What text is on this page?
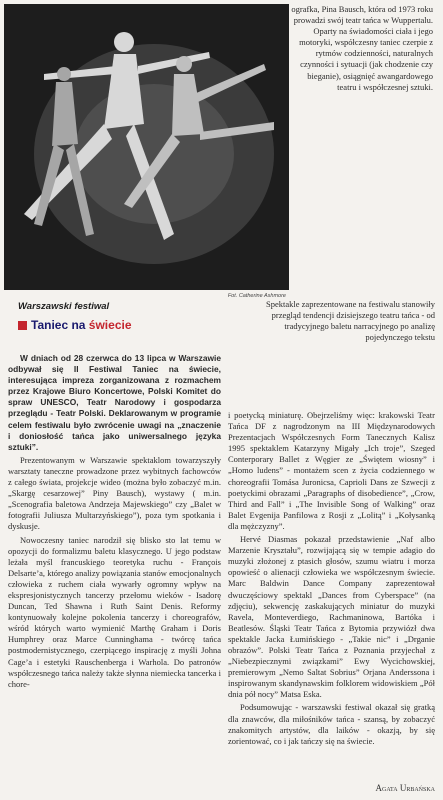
Fot. Catherine Ashmore

ografka, Pina Bausch, która od 1973 roku prowadzi swój teatr tańca w Wuppertalu. Oparty na świadomości ciała i jego motoryki, współczesny taniec czerpie z rytmów codzienności, naturalnych czynności i sytuacji (jak chodzenie czy bieganie), osiągnięć awangardowego teatru i współczesnej sztuki.

Warszawski festiwal
Taniec na świecie

Spektakle zaprezentowane na festiwalu stanowiły przegląd tendencji dzisiejszego teatru tańca - od tradycyjnego baletu narracyjnego po analizę pojedynczego tekstu

W dniach od 28 czerwca do 13 lipca w Warszawie odbywał się II Festiwal Taniec na świecie, interesująca impreza zorganizowana z rozmachem przez Krajowe Biuro Koncertowe, Polski Komitet do spraw UNESCO, Teatr Narodowy i gospodarza przeglądu - Teatr Polski. Deklarowanym w programie celem festiwalu było zwrócenie uwagi na „znaczenie i doniosłość tańca jako uniwersalnego języka sztuki”.

Prezentowanym w Warszawie spektaklom towarzyszyły warsztaty taneczne prowadzone przez wybitnych fachowców z całego świata, projekcje wideo (można było zobaczyć m.in. „Skargę cesarzowej” Piny Bausch), wystawy ( m.in. „Scenografia baletowa Andrzeja Majewskiego” czy „Balet w fotografii Juliusza Multarzyńskiego”), poza tym spotkania i dyskusje.

Nowoczesny taniec narodził się blisko sto lat temu w opozycji do formalizmu baletu klasycznego. U jego podstaw leżała myśl francuskiego teoretyka ruchu - François Delsarte’a, którego analizy powiązania stanów emocjonalnych człowieka z ruchem ciała wywarły ogromny wpływ na ekspresjonistycznych tancerzy przełomu wieków - Isadorę Duncan, Ted Shawna i Ruth Saint Denis. Reformy kontynuowały kolejne pokolenia tancerzy i choreografów, wśród których warto wymienić Marthę Graham i Doris Humphrey oraz Marce Cunninghama - twórcę tańca postmodernistycznego, czerpiącego inspirację z myśli Johna Cage’a i estetyki Rauschenberga i Warhola. Do patronów współczesnego tańca należy także słynna niemiecka tancerka i chore-

i poetycką miniaturę. Obejrzeliśmy więc: krakowski Teatr Tańca DF z nagrodzonym na III Międzynarodowych Prezentacjach Współczesnych Form Tanecznych Kalisz 1995 spektaklem Katarzyny Migały „Ich troje”, Szeged Conterporary Ballet z Węgier ze „Świętem wiosny” i „Homo ludens” - montażem scen z życia codziennego w choreografii Tomása Juronicsa, Caprioli Dans ze Szwecji z poetyckimi obrazami „Paragraphs of disobedience”, „Crow, Third and Fall” i „The Invisible Song of Walking” oraz Balet Evgenija Panfilowa z Rosji z „Lolitą” i „Kołysanką dla mężczyzny”.

Hervé Diasmas pokazał przedstawienie „Naf albo Marzenie Kryształu”, rozwijającą się w tempie adagio do muzyki złożonej z ptasich głosów, szumu wiatru i morza opowieść o alienacji człowieka we współczesnym świecie. Marc Baldwin Dance Company zaprezentował dwuczęściowy spektakl „Dances from Cyberspace” (na zdjęciu), sekwencję zaskakujących miniatur do muzyki Ravela, Monteverdiego, Rachmaninowa, Bartóka i Beatlesów. Śląski Teatr Tańca z Bytomia przywiózł dwa spektakle Jacka Łumińskiego - „Takie nic” i „Drganie obrazów”. Polski Teatr Tańca z Poznania przyjechał z „Niebezpiecznymi związkami” Ewy Wycichowskiej, premierowym „Nemo Saltat Sobrius” Orjana Anderssona i inspirowanym skandynawskim folklorem widowiskiem „Pół dnia pół nocy” Matsa Eska.

Podsumowując - warszawski festiwal okazał się gratką dla znawców, dla miłośników tańca - szansą, by zobaczyć znakomitych artystów, dla laików - okazją, by się zorientować, co i jak tańczy się na świecie.

Agata Urbańska
